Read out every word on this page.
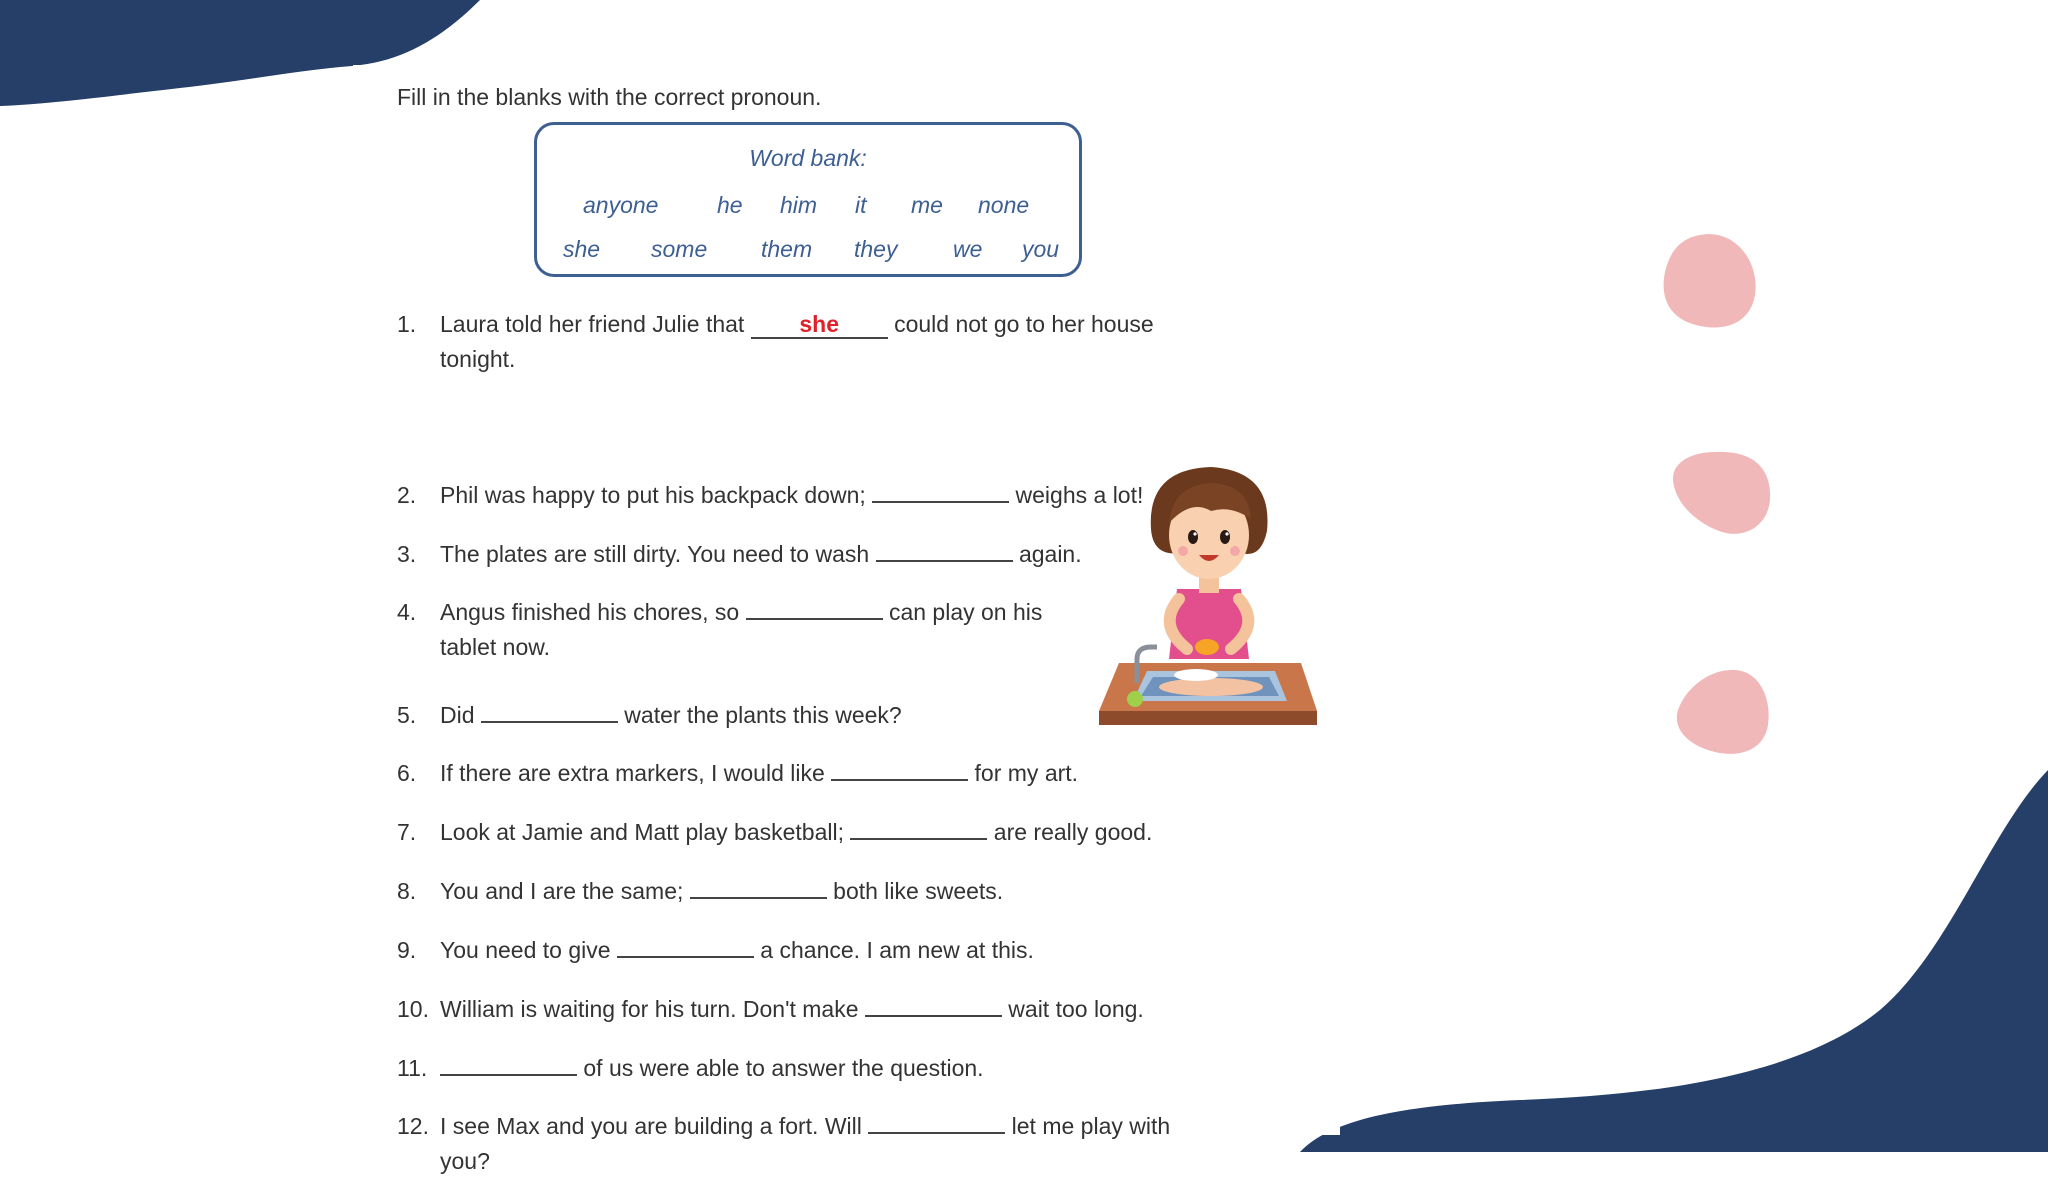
Fill in the blanks with the correct pronoun.
Word bank:
anyone	he him it me none
she some them they we you
1. Laura told her friend Julie that she could not go to her house
tonight.
2. Phil was happy to put his backpack down;	weighs a lot!
3. The plates are still dirty. You need to wash	again.
4. Angus finished his chores, so	can play on his
tablet now.
5. Did	water the plants this week?
6. If there are extra markers, I would like	for my art.
7. Look at Jamie and Matt play basketball;	are really good.
8. You and I are the same;	both like sweets.
9. You need to give	a chance. I am new at this.
10. William is waiting for his turn. Don't make	wait too long.
11.	of us were able to answer the question.
12. I see Max and you are building a fort. Will	let me play with
you?
